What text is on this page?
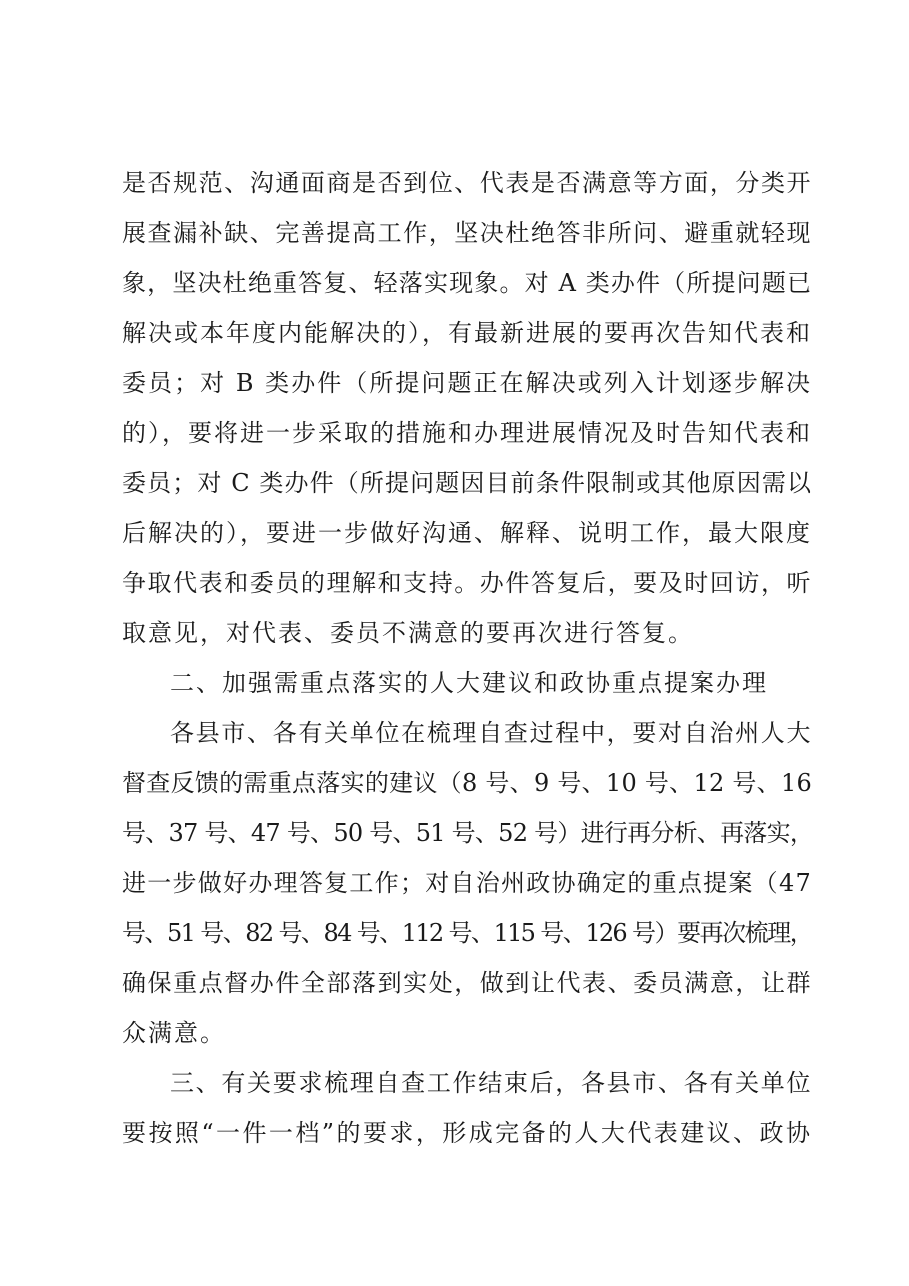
是否规范、沟通面商是否到位、代表是否满意等方面，分类开
展查漏补缺、完善提高工作，坚决杜绝答非所问、避重就轻现
象，坚决杜绝重答复、轻落实现象。对 A 类办件（所提问题已
解决或本年度内能解决的），有最新进展的要再次告知代表和
委员；对 B 类办件（所提问题正在解决或列入计划逐步解决
的），要将进一步采取的措施和办理进展情况及时告知代表和
委员；对 C 类办件（所提问题因目前条件限制或其他原因需以
后解决的），要进一步做好沟通、解释、说明工作，最大限度
争取代表和委员的理解和支持。办件答复后，要及时回访，听
取意见，对代表、委员不满意的要再次进行答复。
二、加强需重点落实的人大建议和政协重点提案办理
各县市、各有关单位在梳理自查过程中，要对自治州人大
督查反馈的需重点落实的建议（8 号、9 号、10 号、12 号、16
号、37 号、47 号、50 号、51 号、52 号）进行再分析、再落实，
进一步做好办理答复工作；对自治州政协确定的重点提案（47
号、51 号、82 号、84 号、112 号、115 号、126 号）要再次梳理，
确保重点督办件全部落到实处，做到让代表、委员满意，让群
众满意。
三、有关要求梳理自查工作结束后，各县市、各有关单位
要按照“一件一档”的要求，形成完备的人大代表建议、政协
